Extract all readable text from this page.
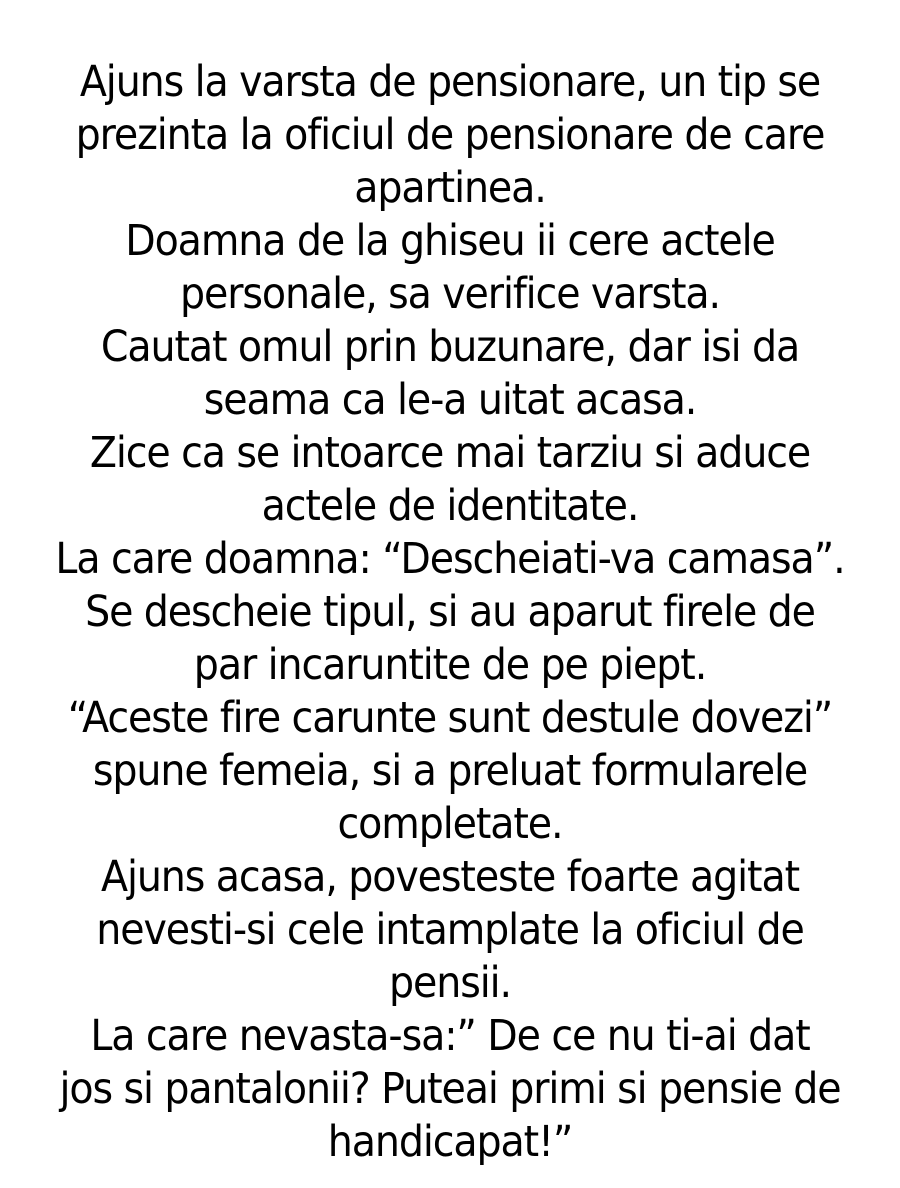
Ajuns la varsta de pensionare, un tip se
prezinta la oficiul de pensionare de care
apartinea.
Doamna de la ghiseu ii cere actele
personale, sa verifice varsta.
Cautat omul prin buzunare, dar isi da
seama ca le-a uitat acasa.
Zice ca se intoarce mai tarziu si aduce
actele de identitate.
La care doamna: “Descheiati-va camasa”.
Se descheie tipul, si au aparut firele de
par incaruntite de pe piept.
“Aceste fire carunte sunt destule dovezi”
spune femeia, si a preluat formularele
completate.
Ajuns acasa, povesteste foarte agitat
nevesti-si cele intamplate la oficiul de
pensii.
La care nevasta-sa:” De ce nu ti-ai dat
jos si pantalonii? Puteai primi si pensie de
handicapat!”
